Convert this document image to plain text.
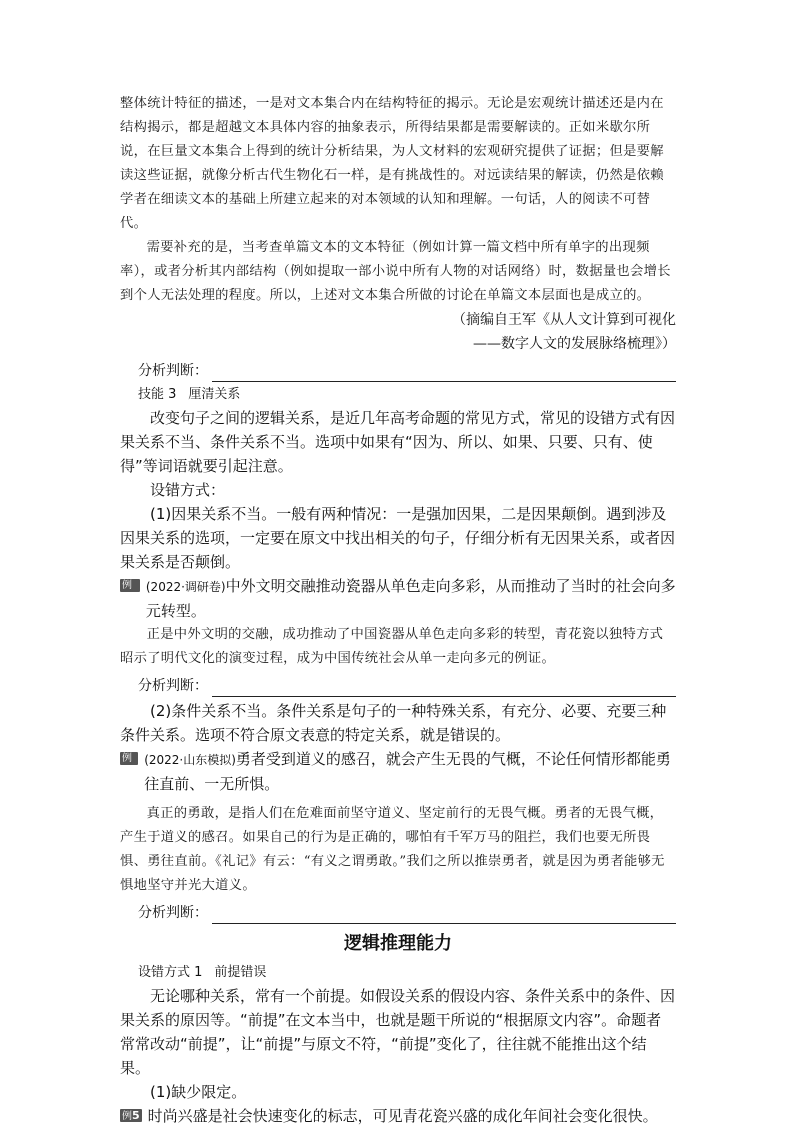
整体统计特征的描述，一是对文本集合内在结构特征的揭示。无论是宏观统计描述还是内在结构揭示，都是超越文本具体内容的抽象表示，所得结果都是需要解读的。正如米歇尔所说，在巨量文本集合上得到的统计分析结果，为人文材料的宏观研究提供了证据；但是要解读这些证据，就像分析古代生物化石一样，是有挑战性的。对远读结果的解读，仍然是依赖学者在细读文本的基础上所建立起来的对本领域的认知和理解。一句话，人的阅读不可替代。

需要补充的是，当考查单篇文本的文本特征（例如计算一篇文档中所有单字的出现频率），或者分析其内部结构（例如提取一部小说中所有人物的对话网络）时，数据量也会增长到个人无法处理的程度。所以，上述对文本集合所做的讨论在单篇文本层面也是成立的。

（摘编自王军《从人文计算到可视化

——数字人文的发展脉络梳理》）

分析判断：
技能 3 厘清关系

改变句子之间的逻辑关系，是近几年高考命题的常见方式，常见的设错方式有因果关系不当、条件关系不当。选项中如果有“因为、所以、如果、只要、只有、使得”等词语就要引起注意。

设错方式：

(1)因果关系不当。一般有两种情况：一是强加因果，二是因果颠倒。遇到涉及因果关系的选项，一定要在原文中找出相关的句子，仔细分析有无因果关系，或者因果关系是否颠倒。

例3
(2022·调研卷)中外文明交融推动瓷器从单色走向多彩，从而推动了当时的社会向多元转型。

正是中外文明的交融，成功推动了中国瓷器从单色走向多彩的转型，青花瓷以独特方式昭示了明代文化的演变过程，成为中国传统社会从单一走向多元的例证。

分析判断：

(2)条件关系不当。条件关系是句子的一种特殊关系，有充分、必要、充要三种条件关系。选项不符合原文表意的特定关系，就是错误的。

例4
(2022·山东模拟)勇者受到道义的感召，就会产生无畏的气概，不论任何情形都能勇往直前、一无所惧。

真正的勇敢，是指人们在危难面前坚守道义、坚定前行的无畏气概。勇者的无畏气概，产生于道义的感召。如果自己的行为是正确的，哪怕有千军万马的阻拦，我们也要无所畏惧、勇往直前。《礼记》有云：“有义之谓勇敢。”我们之所以推崇勇者，就是因为勇者能够无惧地坚守并光大道义。

分析判断：
逻辑推理能力
设错方式 1 前提错误

无论哪种关系，常有一个前提。如假设关系的假设内容、条件关系中的条件、因果关系的原因等。“前提”在文本当中，也就是题干所说的“根据原文内容”。命题者常常改动“前提”，让“前提”与原文不符，“前提”变化了，往往就不能推出这个结果。

(1)缺少限定。

例5 时尚兴盛是社会快速变化的标志，可见青花瓷兴盛的成化年间社会变化很快。
